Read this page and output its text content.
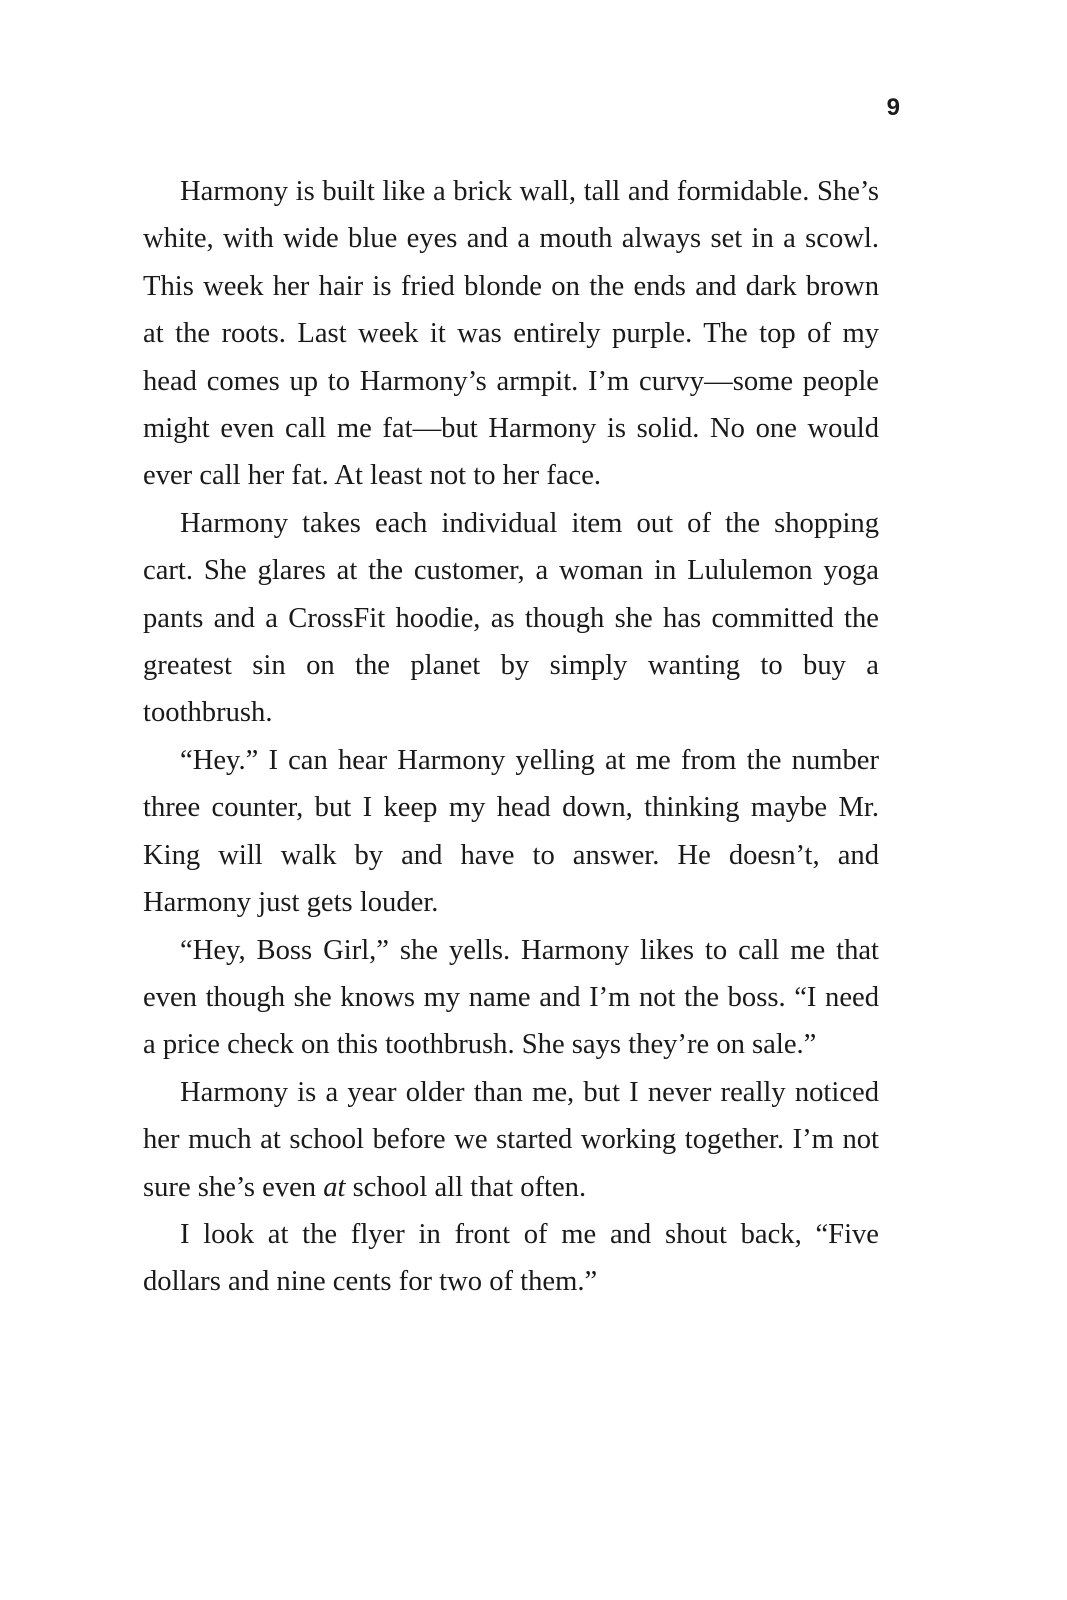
9

Harmony is built like a brick wall, tall and formidable. She’s white, with wide blue eyes and a mouth always set in a scowl. This week her hair is fried blonde on the ends and dark brown at the roots. Last week it was entirely purple. The top of my head comes up to Harmony’s armpit. I’m curvy—some people might even call me fat—but Harmony is solid. No one would ever call her fat. At least not to her face.

Harmony takes each individual item out of the shopping cart. She glares at the customer, a woman in Lululemon yoga pants and a CrossFit hoodie, as though she has committed the greatest sin on the planet by simply wanting to buy a toothbrush.

“Hey.” I can hear Harmony yelling at me from the number three counter, but I keep my head down, thinking maybe Mr. King will walk by and have to answer. He doesn’t, and Harmony just gets louder.

“Hey, Boss Girl,” she yells. Harmony likes to call me that even though she knows my name and I’m not the boss. “I need a price check on this toothbrush. She says they’re on sale.”

Harmony is a year older than me, but I never really noticed her much at school before we started working together. I’m not sure she’s even at school all that often.

I look at the flyer in front of me and shout back, “Five dollars and nine cents for two of them.”
